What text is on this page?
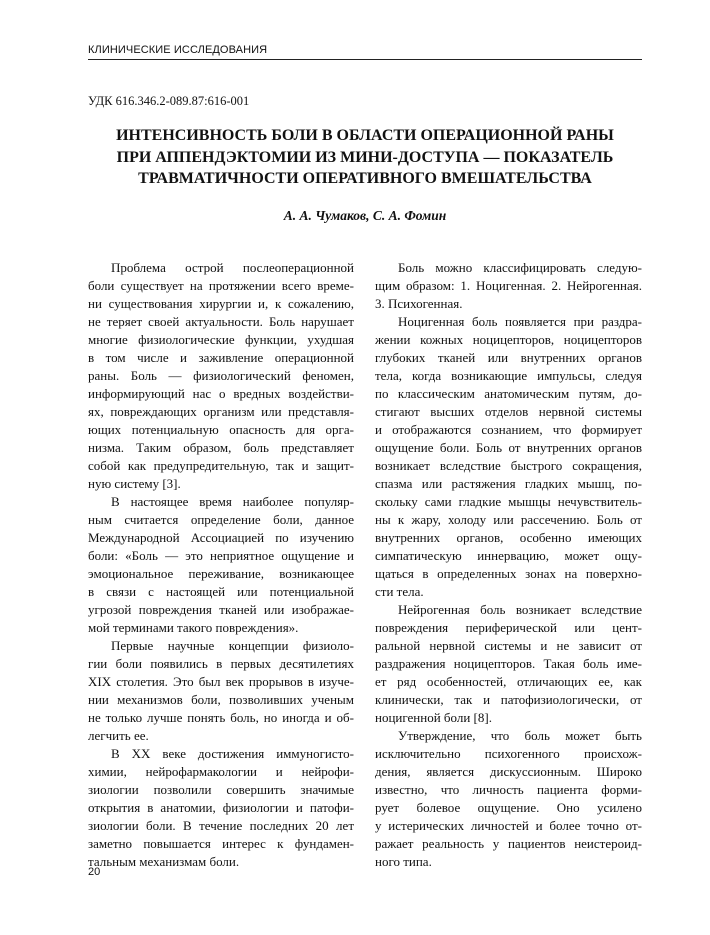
КЛИНИЧЕСКИЕ ИССЛЕДОВАНИЯ
УДК 616.346.2-089.87:616-001
ИНТЕНСИВНОСТЬ БОЛИ В ОБЛАСТИ ОПЕРАЦИОННОЙ РАНЫ
ПРИ АППЕНДЭКТОМИИ ИЗ МИНИ-ДОСТУПА — ПОКАЗАТЕЛЬ
ТРАВМАТИЧНОСТИ ОПЕРАТИВНОГО ВМЕШАТЕЛЬСТВА
А. А. Чумаков, С. А. Фомин
Проблема острой послеоперационной
боли существует на протяжении всего време-
ни существования хирургии и, к сожалению,
не теряет своей актуальности. Боль нарушает
многие физиологические функции, ухудшая
в том числе и заживление операционной
раны. Боль — физиологический феномен,
информирующий нас о вредных воздействи-
ях, повреждающих организм или представля-
ющих потенциальную опасность для орга-
низма. Таким образом, боль представляет
собой как предупредительную, так и защит-
ную систему [3].
В настоящее время наиболее популяр-
ным считается определение боли, данное
Международной Ассоциацией по изучению
боли: «Боль — это неприятное ощущение и
эмоциональное переживание, возникающее
в связи с настоящей или потенциальной
угрозой повреждения тканей или изображае-
мой терминами такого повреждения».
Первые научные концепции физиоло-
гии боли появились в первых десятилетиях
XIX столетия. Это был век прорывов в изуче-
нии механизмов боли, позволивших ученым
не только лучше понять боль, но иногда и об-
легчить ее.
В XX веке достижения иммуногисто-
химии, нейрофармакологии и нейрофи-
зиологии позволили совершить значимые
открытия в анатомии, физиологии и патофи-
зиологии боли. В течение последних 20 лет
заметно повышается интерес к фундамен-
тальным механизмам боли.
Боль можно классифицировать следую-
щим образом: 1. Ноцигенная. 2. Нейрогенная.
3. Психогенная.
Ноцигенная боль появляется при раздра-
жении кожных ноцицепторов, ноцицепторов
глубоких тканей или внутренних органов
тела, когда возникающие импульсы, следуя
по классическим анатомическим путям, до-
стигают высших отделов нервной системы
и отображаются сознанием, что формирует
ощущение боли. Боль от внутренних органов
возникает вследствие быстрого сокращения,
спазма или растяжения гладких мышц, по-
скольку сами гладкие мышцы нечувствитель-
ны к жару, холоду или рассечению. Боль от
внутренних органов, особенно имеющих
симпатическую иннервацию, может ощу-
щаться в определенных зонах на поверхно-
сти тела.
Нейрогенная боль возникает вследствие
повреждения периферической или цент-
ральной нервной системы и не зависит от
раздражения ноцицепторов. Такая боль име-
ет ряд особенностей, отличающих ее, как
клинически, так и патофизиологически, от
ноцигенной боли [8].
Утверждение, что боль может быть
исключительно психогенного происхож-
дения, является дискуссионным. Широко
известно, что личность пациента форми-
рует болевое ощущение. Оно усилено
у истерических личностей и более точно от-
ражает реальность у пациентов неистероид-
ного типа.
20
